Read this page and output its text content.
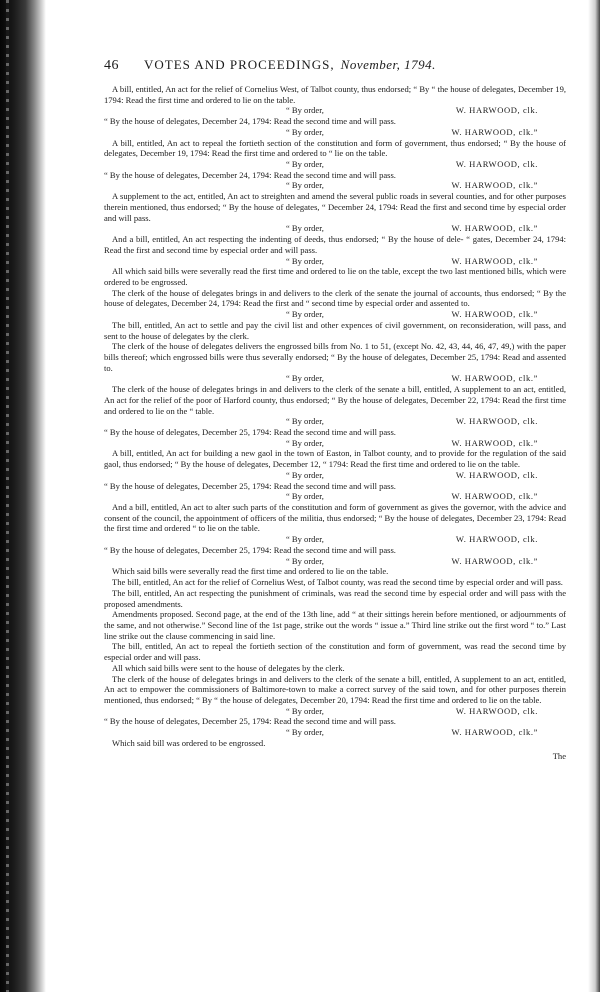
46	VOTES AND PROCEEDINGS, November, 1794.

A bill, entitled, An act for the relief of Cornelius West, of Talbot county, thus endorsed; “ By “ the house of delegates, December 19, 1794: Read the first time and ordered to lie on the table.

“ By order,	W. HARWOOD, clk.

“ By the house of delegates, December 24, 1794: Read the second time and will pass.

“ By order,	W. HARWOOD, clk.”

A bill, entitled, An act to repeal the fortieth section of the constitution and form of government, thus endorsed; “ By the house of delegates, December 19, 1794: Read the first time and ordered to “ lie on the table.

“ By order,	W. HARWOOD, clk.

“ By the house of delegates, December 24, 1794: Read the second time and will pass.

“ By order,	W. HARWOOD, clk.”

A supplement to the act, entitled, An act to streighten and amend the several public roads in several counties, and for other purposes therein mentioned, thus endorsed; “ By the house of delegates, “ December 24, 1794: Read the first and second time by especial order and will pass.

“ By order,	W. HARWOOD, clk.”

And a bill, entitled, An act respecting the indenting of deeds, thus endorsed; “ By the house of dele- “ gates, December 24, 1794: Read the first and second time by especial order and will pass.

“ By order,	W. HARWOOD, clk.”

All which said bills were severally read the first time and ordered to lie on the table, except the two last mentioned bills, which were ordered to be engrossed.

The clerk of the house of delegates brings in and delivers to the clerk of the senate the journal of accounts, thus endorsed; “ By the house of delegates, December 24, 1794: Read the first and “ second time by especial order and assented to.

“ By order,	W. HARWOOD, clk.”

The bill, entitled, An act to settle and pay the civil list and other expences of civil government, on reconsideration, will pass, and sent to the house of delegates by the clerk.

The clerk of the house of delegates delivers the engrossed bills from No. 1 to 51, (except No. 42, 43, 44, 46, 47, 49,) with the paper bills thereof; which engrossed bills were thus severally endorsed; “ By the house of delegates, December 25, 1794: Read and assented to.

“ By order,	W. HARWOOD, clk.”

The clerk of the house of delegates brings in and delivers to the clerk of the senate a bill, entitled, A supplement to an act, entitled, An act for the relief of the poor of Harford county, thus endorsed; “ By the house of delegates, December 22, 1794: Read the first time and ordered to lie on the “ table.

“ By order,	W. HARWOOD, clk.

“ By the house of delegates, December 25, 1794: Read the second time and will pass.

“ By order,	W. HARWOOD, clk.”

A bill, entitled, An act for building a new gaol in the town of Easton, in Talbot county, and to provide for the regulation of the said gaol, thus endorsed; “ By the house of delegates, December 12, “ 1794: Read the first time and ordered to lie on the table.

“ By order,	W. HARWOOD, clk.

“ By the house of delegates, December 25, 1794: Read the second time and will pass.

“ By order,	W. HARWOOD, clk.”

And a bill, entitled, An act to alter such parts of the constitution and form of government as gives the governor, with the advice and consent of the council, the appointment of officers of the militia, thus endorsed; “ By the house of delegates, December 23, 1794: Read the first time and ordered “ to lie on the table.

“ By order,	W. HARWOOD, clk.

“ By the house of delegates, December 25, 1794: Read the second time and will pass.

“ By order,	W. HARWOOD, clk.”

Which said bills were severally read the first time and ordered to lie on the table.

The bill, entitled, An act for the relief of Cornelius West, of Talbot county, was read the second time by especial order and will pass.

The bill, entitled, An act respecting the punishment of criminals, was read the second time by especial order and will pass with the proposed amendments.

Amendments proposed. Second page, at the end of the 13th line, add “ at their sittings herein before mentioned, or adjournments of the same, and not otherwise.” Second line of the 1st page, strike out the words “ issue a.” Third line strike out the first word “ to.” Last line strike out the clause commencing in said line.

The bill, entitled, An act to repeal the fortieth section of the constitution and form of government, was read the second time by especial order and will pass.

All which said bills were sent to the house of delegates by the clerk.

The clerk of the house of delegates brings in and delivers to the clerk of the senate a bill, entitled, A supplement to an act, entitled, An act to empower the commissioners of Baltimore-town to make a correct survey of the said town, and for other purposes therein mentioned, thus endorsed; “ By “ the house of delegates, December 20, 1794: Read the first time and ordered to lie on the table.

“ By order,	W. HARWOOD, clk.

“ By the house of delegates, December 25, 1794: Read the second time and will pass.

“ By order,	W. HARWOOD, clk.”

Which said bill was ordered to be engrossed.

The
